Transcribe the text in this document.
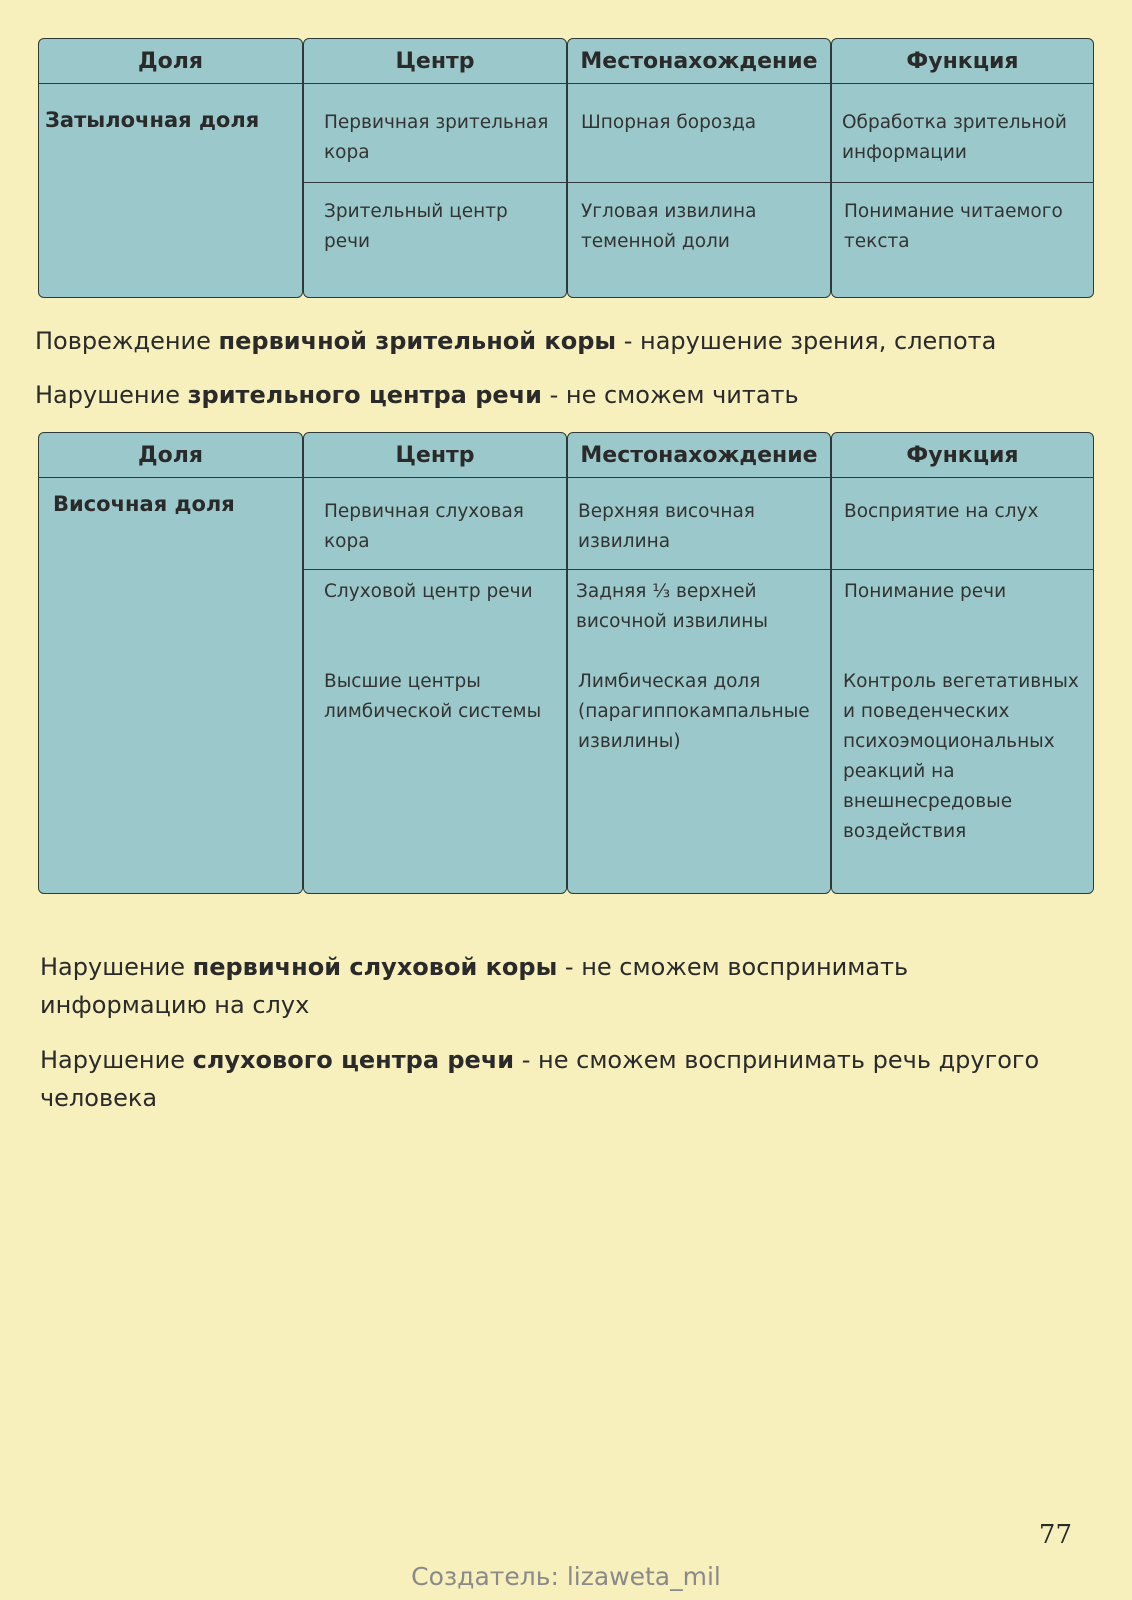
Доля
Затылочная доля
Центр
Первичная зрительная кора
Зрительный центр речи
Местонахождение
Шпорная борозда
Угловая извилина теменной доли
Функция
Обработка зрительной информации
Понимание читаемого текста
Повреждение первичной зрительной коры - нарушение зрения, слепота
Нарушение зрительного центра речи - не сможем читать
Доля
Височная доля
Центр
Первичная слуховая кора
Слуховой центр речи
Высшие центры лимбической системы
Местонахождение
Верхняя височная извилина
Задняя ⅓ верхней височной извилины
Лимбическая доля (парагиппокампальные извилины)
Функция
Восприятие на слух
Понимание речи
Контроль вегетативных и поведенческих психоэмоциональных реакций на внешнесредовые воздействия
Нарушение первичной слуховой коры - не сможем воспринимать информацию на слух
Нарушение слухового центра речи - не сможем воспринимать речь другого человека
77
Создатель: lizaweta_mil
